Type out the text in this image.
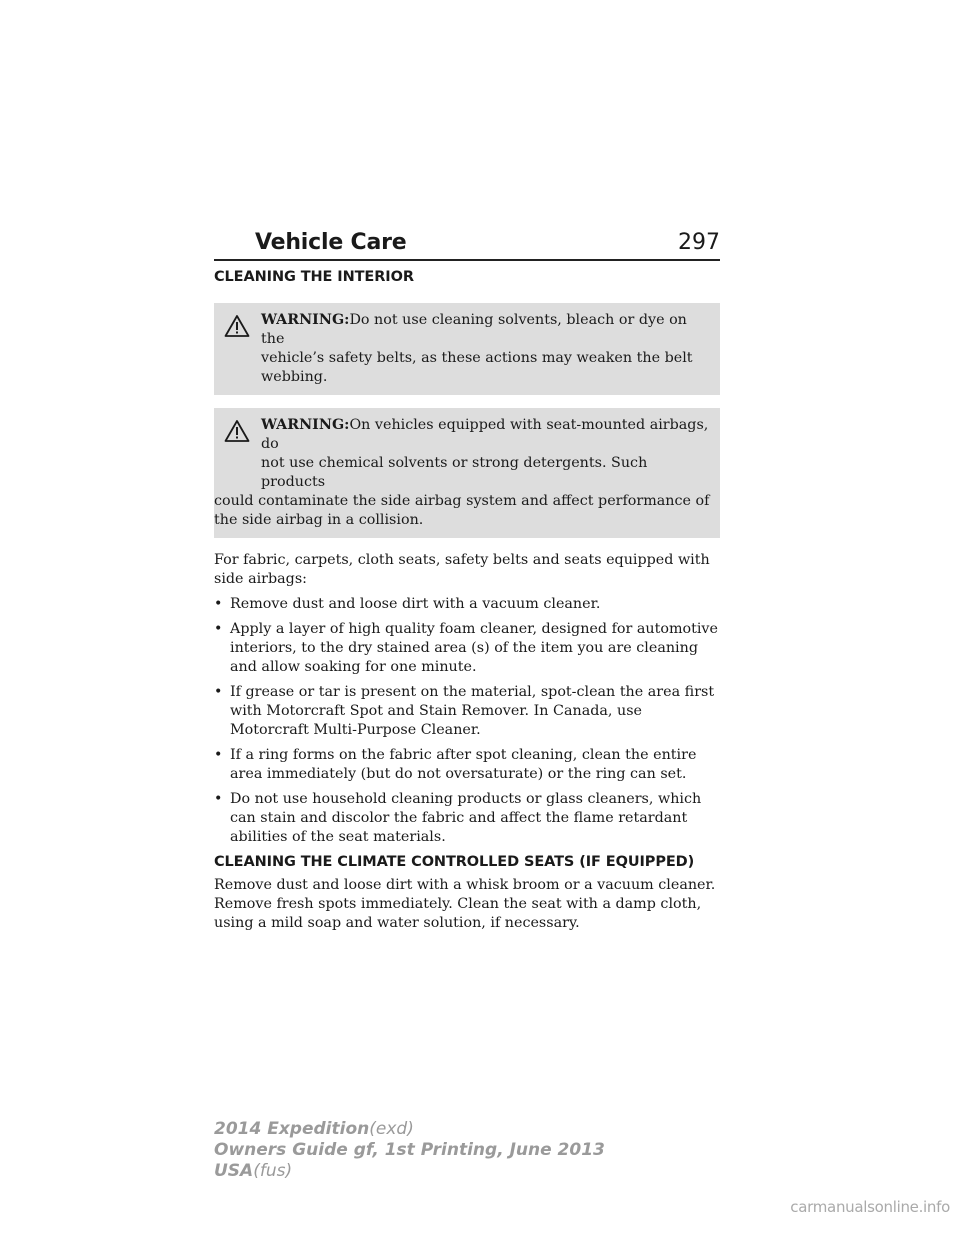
Vehicle Care	297
CLEANING THE INTERIOR
WARNING:Do not use cleaning solvents, bleach or dye on the
vehicle’s safety belts, as these actions may weaken the belt webbing.
WARNING:On vehicles equipped with seat-mounted airbags, do
not use chemical solvents or strong detergents. Such products
could contaminate the side airbag system and affect performance of the side airbag in a collision.

For fabric, carpets, cloth seats, safety belts and seats equipped with side airbags:

• Remove dust and loose dirt with a vacuum cleaner.
• Apply a layer of high quality foam cleaner, designed for automotive interiors, to the dry stained area (s) of the item you are cleaning and allow soaking for one minute.
• If grease or tar is present on the material, spot-clean the area first with Motorcraft Spot and Stain Remover. In Canada, use Motorcraft Multi-Purpose Cleaner.
• If a ring forms on the fabric after spot cleaning, clean the entire area immediately (but do not oversaturate) or the ring can set.
• Do not use household cleaning products or glass cleaners, which can stain and discolor the fabric and affect the flame retardant abilities of the seat materials.
CLEANING THE CLIMATE CONTROLLED SEATS (IF EQUIPPED)

Remove dust and loose dirt with a whisk broom or a vacuum cleaner. Remove fresh spots immediately. Clean the seat with a damp cloth, using a mild soap and water solution, if necessary.

2014 Expedition(exd)
Owners Guide gf, 1st Printing, June 2013
USA(fus)
carmanualsonline.info
